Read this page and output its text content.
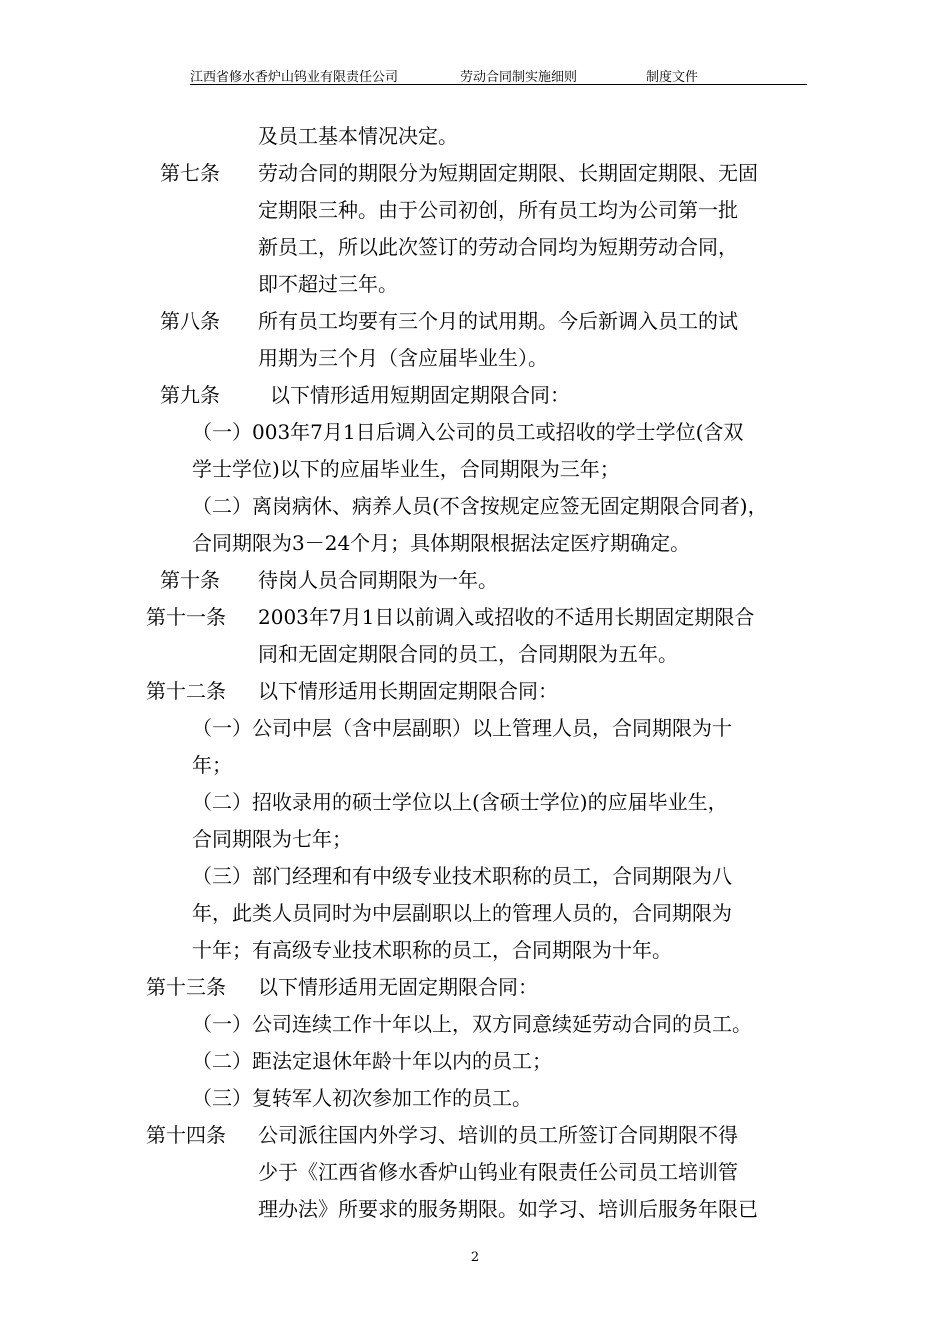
江西省修水香炉山钨业有限责任公司	劳动合同制实施细则	制度文件
及员工基本情况决定。
第七条 劳动合同的期限分为短期固定期限、长期固定期限、无固
定期限三种。由于公司初创，所有员工均为公司第一批
新员工，所以此次签订的劳动合同均为短期劳动合同，
即不超过三年。
第八条 所有员工均要有三个月的试用期。今后新调入员工的试
用期为三个月（含应届毕业生）。
第九条	以下情形适用短期固定期限合同：
（一）003年7月1日后调入公司的员工或招收的学士学位(含双
学士学位)以下的应届毕业生，合同期限为三年；
（二）离岗病休、病养人员(不含按规定应签无固定期限合同者)，
合同期限为3－24个月；具体期限根据法定医疗期确定。
第十条 待岗人员合同期限为一年。
第十一条 2003年7月1日以前调入或招收的不适用长期固定期限合
同和无固定期限合同的员工，合同期限为五年。
第十二条 以下情形适用长期固定期限合同：
（一）公司中层（含中层副职）以上管理人员，合同期限为十
年；
（二）招收录用的硕士学位以上(含硕士学位)的应届毕业生，
合同期限为七年；
（三）部门经理和有中级专业技术职称的员工，合同期限为八
年，此类人员同时为中层副职以上的管理人员的，合同期限为
十年；有高级专业技术职称的员工，合同期限为十年。
第十三条 以下情形适用无固定期限合同：
（一）公司连续工作十年以上，双方同意续延劳动合同的员工。
（二）距法定退休年龄十年以内的员工；
（三）复转军人初次参加工作的员工。
第十四条 公司派往国内外学习、培训的员工所签订合同期限不得
少于《江西省修水香炉山钨业有限责任公司员工培训管
理办法》所要求的服务期限。如学习、培训后服务年限已
2
